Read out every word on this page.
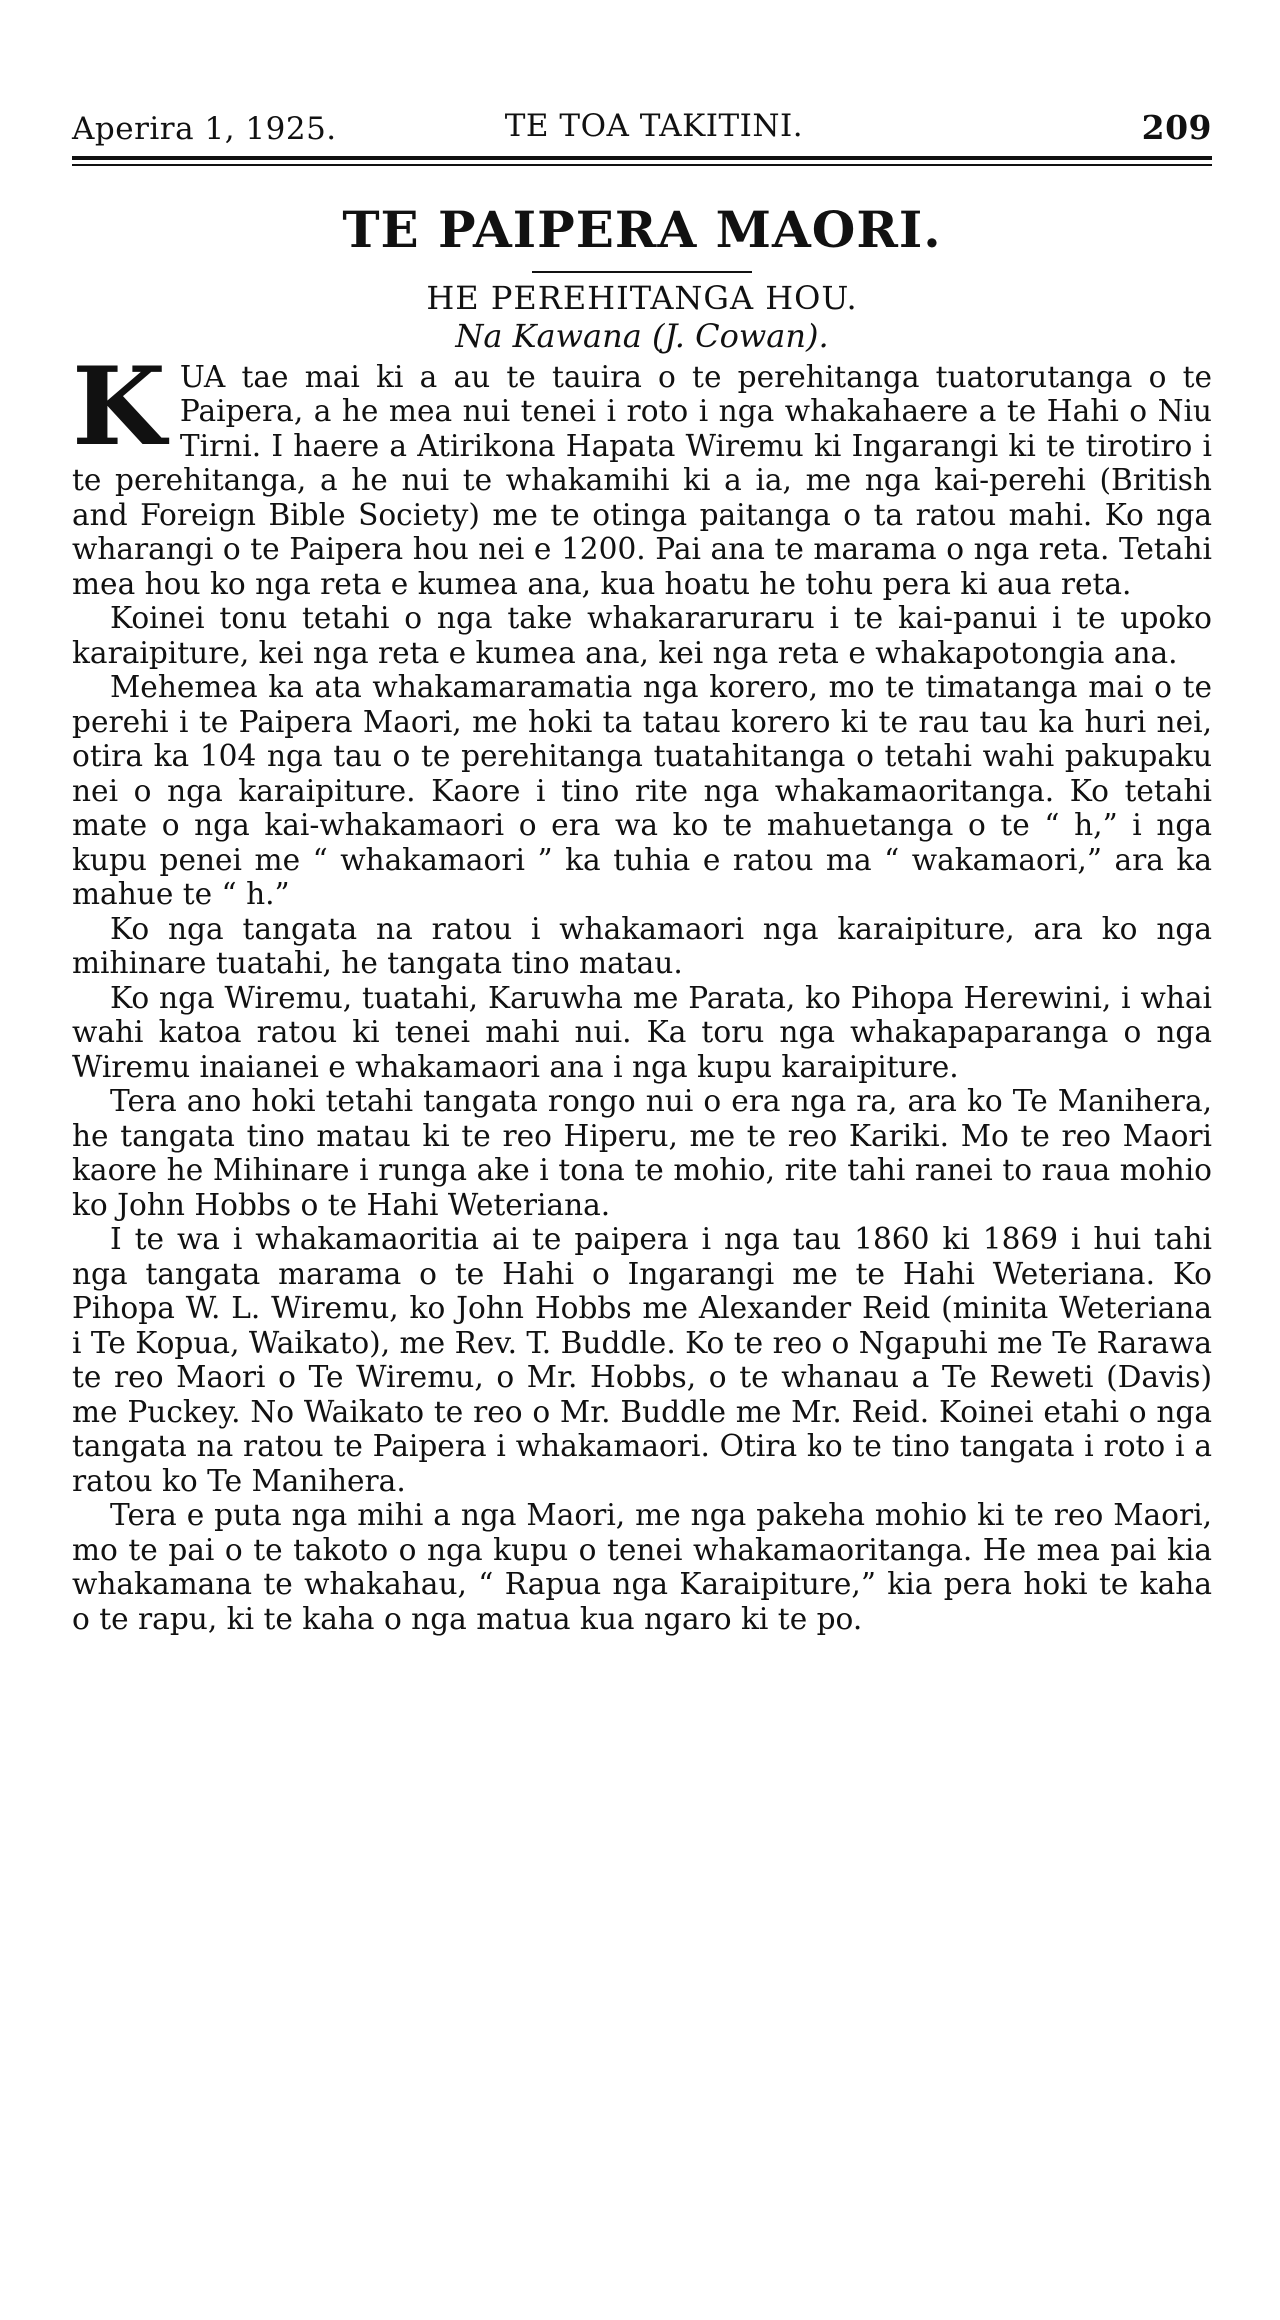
Aperira 1, 1925.	TE TOA TAKITINI.	209
TE PAIPERA MAORI.
HE PEREHITANGA HOU.
Na Kawana (J. Cowan).

KUA tae mai ki a au te tauira o te perehitanga tuatorutanga o te Paipera, a he mea nui tenei i roto i nga whakahaere a te Hahi o Niu Tirni. I haere a Atirikona Hapata Wiremu ki Ingarangi ki te tirotiro i te perehitanga, a he nui te whakamihi ki a ia, me nga kai-perehi (British and Foreign Bible Society) me te otinga paitanga o ta ratou mahi. Ko nga wharangi o te Paipera hou nei e 1200. Pai ana te marama o nga reta. Tetahi mea hou ko nga reta e kumea ana, kua hoatu he tohu pera ki aua reta.

Koinei tonu tetahi o nga take whakararuraru i te kai-panui i te upoko karaipiture, kei nga reta e kumea ana, kei nga reta e whakapotongia ana.

Mehemea ka ata whakamaramatia nga korero, mo te timatanga mai o te perehi i te Paipera Maori, me hoki ta tatau korero ki te rau tau ka huri nei, otira ka 104 nga tau o te perehitanga tuatahitanga o tetahi wahi pakupaku nei o nga karaipiture. Kaore i tino rite nga whakamaoritanga. Ko tetahi mate o nga kai-whakamaori o era wa ko te mahuetanga o te “ h,” i nga kupu penei me “ whakamaori ” ka tuhia e ratou ma “ wakamaori,” ara ka mahue te “ h.”

Ko nga tangata na ratou i whakamaori nga karaipiture, ara ko nga mihinare tuatahi, he tangata tino matau.

Ko nga Wiremu, tuatahi, Karuwha me Parata, ko Pihopa Herewini, i whai wahi katoa ratou ki tenei mahi nui. Ka toru nga whakapaparanga o nga Wiremu inaianei e whakamaori ana i nga kupu karaipiture.

Tera ano hoki tetahi tangata rongo nui o era nga ra, ara ko Te Manihera, he tangata tino matau ki te reo Hiperu, me te reo Kariki. Mo te reo Maori kaore he Mihinare i runga ake i tona te mohio, rite tahi ranei to raua mohio ko John Hobbs o te Hahi Weteriana.

I te wa i whakamaoritia ai te paipera i nga tau 1860 ki 1869 i hui tahi nga tangata marama o te Hahi o Ingarangi me te Hahi Weteriana. Ko Pihopa W. L. Wiremu, ko John Hobbs me Alexander Reid (minita Weteriana i Te Kopua, Waikato), me Rev. T. Buddle. Ko te reo o Ngapuhi me Te Rarawa te reo Maori o Te Wiremu, o Mr. Hobbs, o te whanau a Te Reweti (Davis) me Puckey. No Waikato te reo o Mr. Buddle me Mr. Reid. Koinei etahi o nga tangata na ratou te Paipera i whakamaori. Otira ko te tino tangata i roto i a ratou ko Te Manihera.

Tera e puta nga mihi a nga Maori, me nga pakeha mohio ki te reo Maori, mo te pai o te takoto o nga kupu o tenei whakamaoritanga. He mea pai kia whakamana te whakahau, “ Rapua nga Karaipiture,” kia pera hoki te kaha o te rapu, ki te kaha o nga matua kua ngaro ki te po.
